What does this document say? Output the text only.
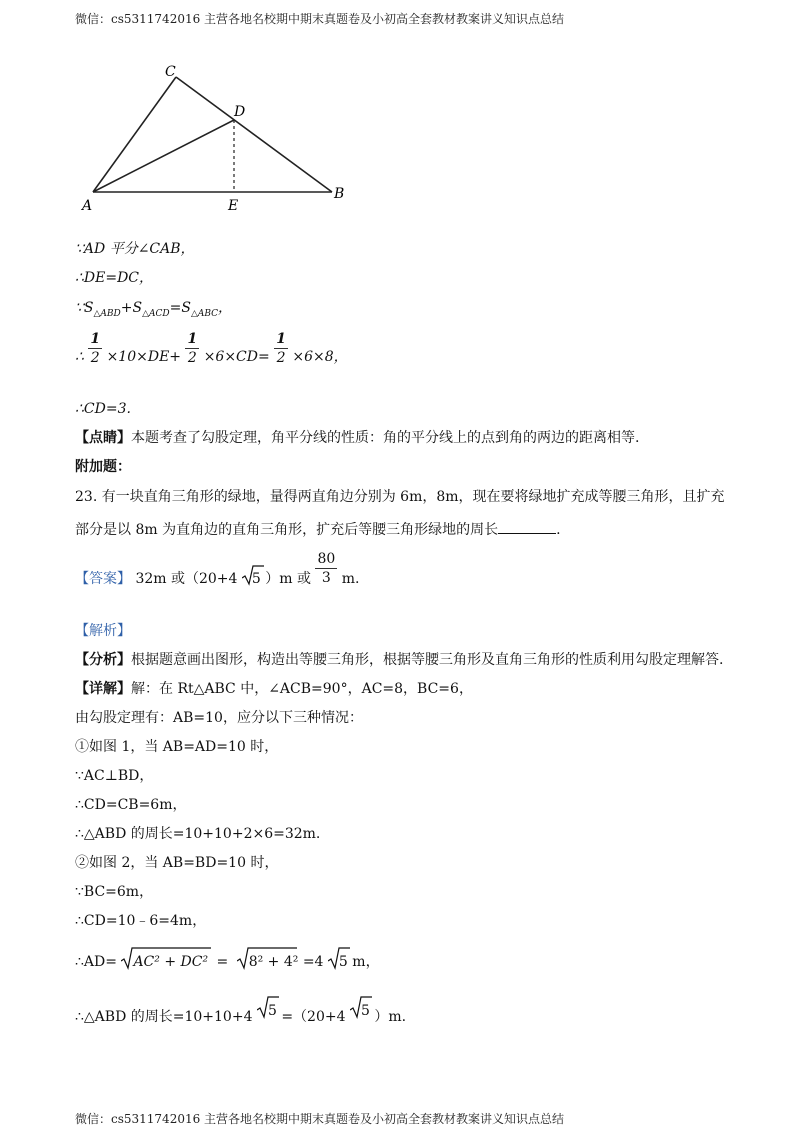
微信：cs5311742016 主营各地名校期中期末真题卷及小初高全套教材教案讲义知识点总结
C
D
A	E
B
∵AD 平分∠CAB，
∴DE=DC，
$\because S_{\triangle ABD}+S_{\triangle ACD}=S_{\triangle ABC}$，
∴ $\frac{1}{2} \times 10\times DE+ \frac{1}{2} \times 6\times CD= \frac{1}{2} \times 6\times 8$，
∴CD=3.
【点睛】本题考查了勾股定理，角平分线的性质：角的平分线上的点到角的两边的距离相等.
附加题：
23. 有一块直角三角形的绿地，量得两直角边分别为 6m，8m，现在要将绿地扩充成等腰三角形，且扩充
部分是以 8m 为直角边的直角三角形，扩充后等腰三角形绿地的周长	.
【答案】 32m 或（20+4 5 ）m 或 $\frac{80}{3} m$.
【解析】
【分析】根据题意画出图形，构造出等腰三角形，根据等腰三角形及直角三角形的性质利用勾股定理解答.
【详解】解：在 Rt△ABC 中，∠ACB=90°，AC=8，BC=6，
由勾股定理有：AB=10，应分以下三种情况：
①如图 1，当 AB=AD=10 时，
∵AC⊥BD，
∴CD=CB=6m，
∴△ABD 的周长=10+10+2×6=32m.
②如图 2，当 AB=BD=10 时，
∵BC=6m，
∴CD=10﹣6=4m，
∴AD= AC² + DC² = 8² + 4² =4 5 m，
∴△ABD 的周长=10+10+4 5 =（20+4 5 ）m.
微信：cs5311742016 主营各地名校期中期末真题卷及小初高全套教材教案讲义知识点总结
